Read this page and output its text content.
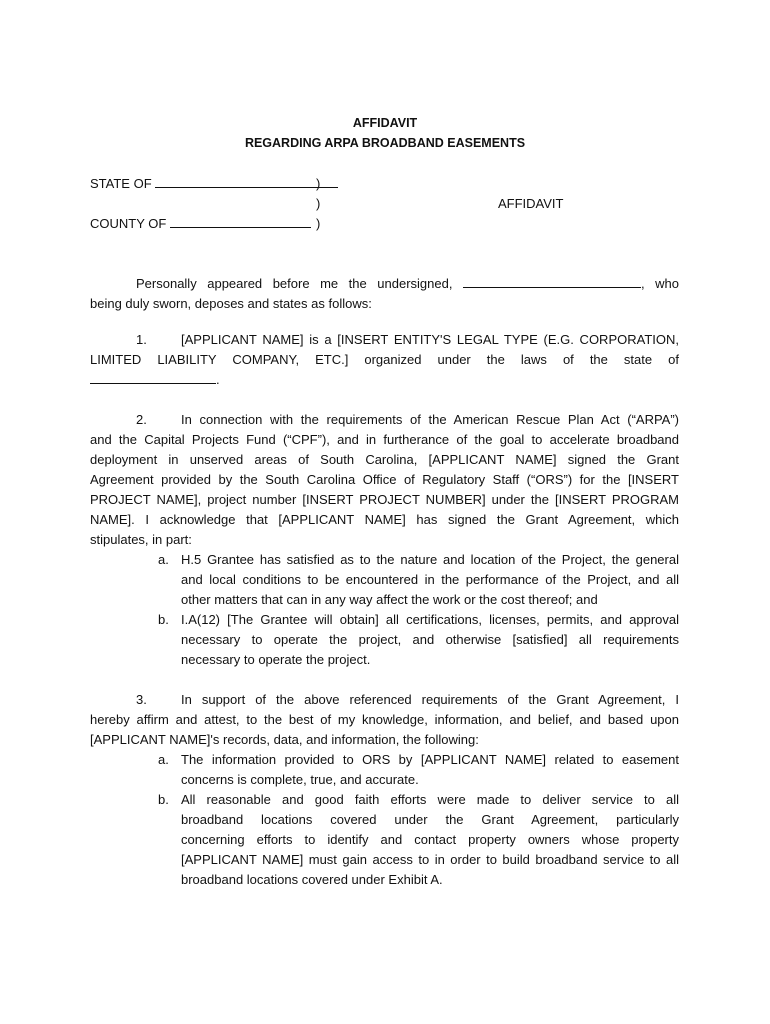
AFFIDAVIT
REGARDING ARPA BROADBAND EASEMENTS
STATE OF	)
)	AFFIDAVIT
COUNTY OF	)
Personally appeared before me the undersigned,	, who
being duly sworn, deposes and states as follows:
1.	[APPLICANT NAME] is a [INSERT ENTITY'S LEGAL TYPE (E.G. CORPORATION,
LIMITED LIABILITY COMPANY, ETC.] organized under the laws of the state of
.
2.	In connection with the requirements of the American Rescue Plan Act (“ARPA”)
and the Capital Projects Fund (“CPF”), and in furtherance of the goal to accelerate broadband
deployment in unserved areas of South Carolina, [APPLICANT NAME] signed the Grant
Agreement provided by the South Carolina Office of Regulatory Staff (“ORS”) for the [INSERT
PROJECT NAME], project number [INSERT PROJECT NUMBER] under the [INSERT PROGRAM
NAME]. I acknowledge that [APPLICANT NAME] has signed the Grant Agreement, which
stipulates, in part:
a. H.5 Grantee has satisfied as to the nature and location of the Project, the general
and local conditions to be encountered in the performance of the Project, and all
other matters that can in any way affect the work or the cost thereof; and
b. I.A(12) [The Grantee will obtain] all certifications, licenses, permits, and approval
necessary to operate the project, and otherwise [satisfied] all requirements
necessary to operate the project.
3.	In support of the above referenced requirements of the Grant Agreement, I
hereby affirm and attest, to the best of my knowledge, information, and belief, and based upon
[APPLICANT NAME]'s records, data, and information, the following:
a. The information provided to ORS by [APPLICANT NAME] related to easement
concerns is complete, true, and accurate.
b. All reasonable and good faith efforts were made to deliver service to all
broadband locations covered under the Grant Agreement, particularly
concerning efforts to identify and contact property owners whose property
[APPLICANT NAME] must gain access to in order to build broadband service to all
broadband locations covered under Exhibit A.
